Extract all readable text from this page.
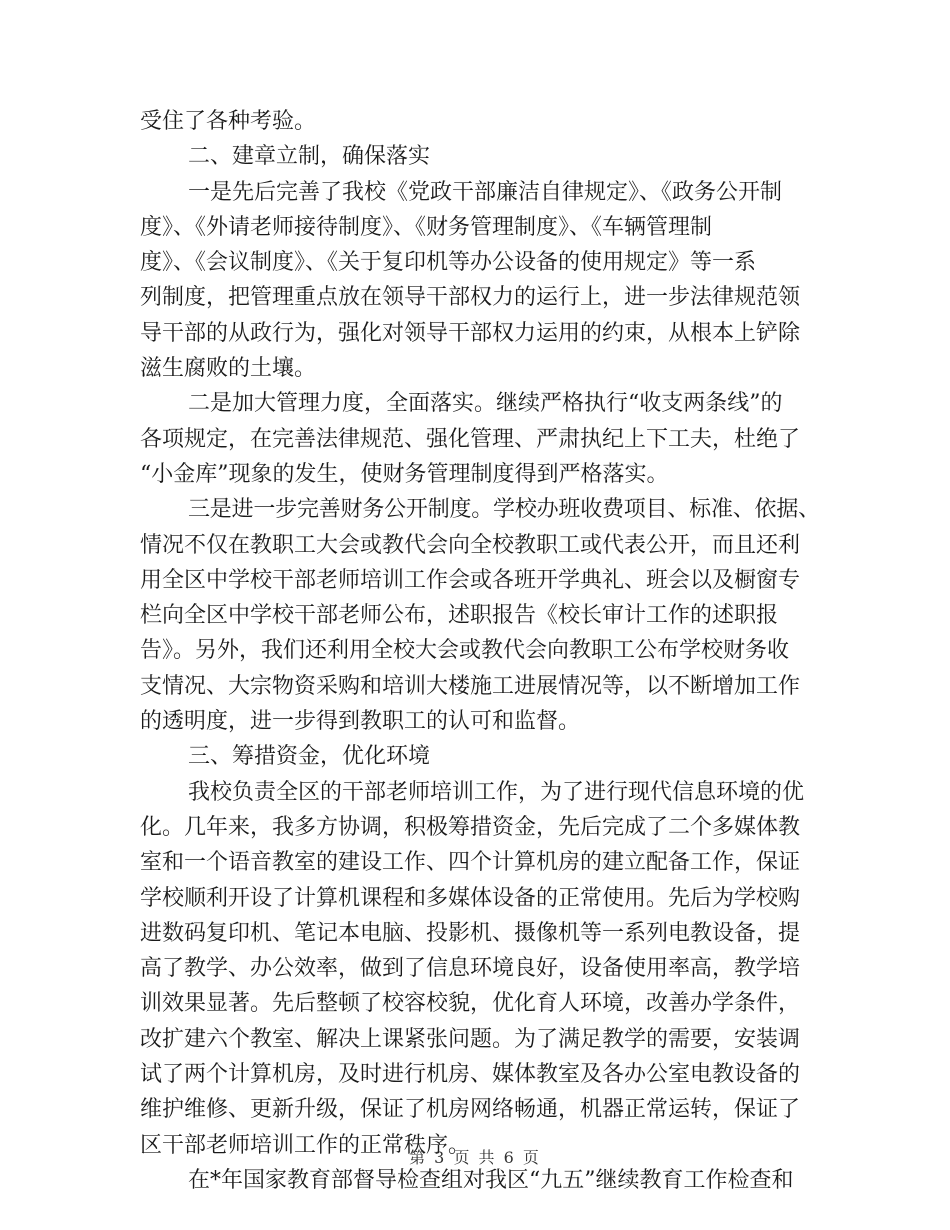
受住了各种考验。
二、建章立制，确保落实
一是先后完善了我校《党政干部廉洁自律规定》、《政务公开制
度》、《外请老师接待制度》、《财务管理制度》、《车辆管理制
度》、《会议制度》、《关于复印机等办公设备的使用规定》等一系
列制度，把管理重点放在领导干部权力的运行上，进一步法律规范领
导干部的从政行为，强化对领导干部权力运用的约束，从根本上铲除
滋生腐败的土壤。
二是加大管理力度，全面落实。继续严格执行“收支两条线”的
各项规定，在完善法律规范、强化管理、严肃执纪上下工夫，杜绝了
“小金库”现象的发生，使财务管理制度得到严格落实。
三是进一步完善财务公开制度。学校办班收费项目、标准、依据、
情况不仅在教职工大会或教代会向全校教职工或代表公开，而且还利
用全区中学校干部老师培训工作会或各班开学典礼、班会以及橱窗专
栏向全区中学校干部老师公布，述职报告《校长审计工作的述职报
告》。另外，我们还利用全校大会或教代会向教职工公布学校财务收
支情况、大宗物资采购和培训大楼施工进展情况等，以不断增加工作
的透明度，进一步得到教职工的认可和监督。
三、筹措资金，优化环境
我校负责全区的干部老师培训工作，为了进行现代信息环境的优
化。几年来，我多方协调，积极筹措资金，先后完成了二个多媒体教
室和一个语音教室的建设工作、四个计算机房的建立配备工作，保证
学校顺利开设了计算机课程和多媒体设备的正常使用。先后为学校购
进数码复印机、笔记本电脑、投影机、摄像机等一系列电教设备，提
高了教学、办公效率，做到了信息环境良好，设备使用率高，教学培
训效果显著。先后整顿了校容校貌，优化育人环境，改善办学条件，
改扩建六个教室、解决上课紧张问题。为了满足教学的需要，安装调
试了两个计算机房，及时进行机房、媒体教室及各办公室电教设备的
维护维修、更新升级，保证了机房网络畅通，机器正常运转，保证了
区干部老师培训工作的正常秩序。
在*年国家教育部督导检查组对我区“九五”继续教育工作检查和
第 3 页 共 6 页
